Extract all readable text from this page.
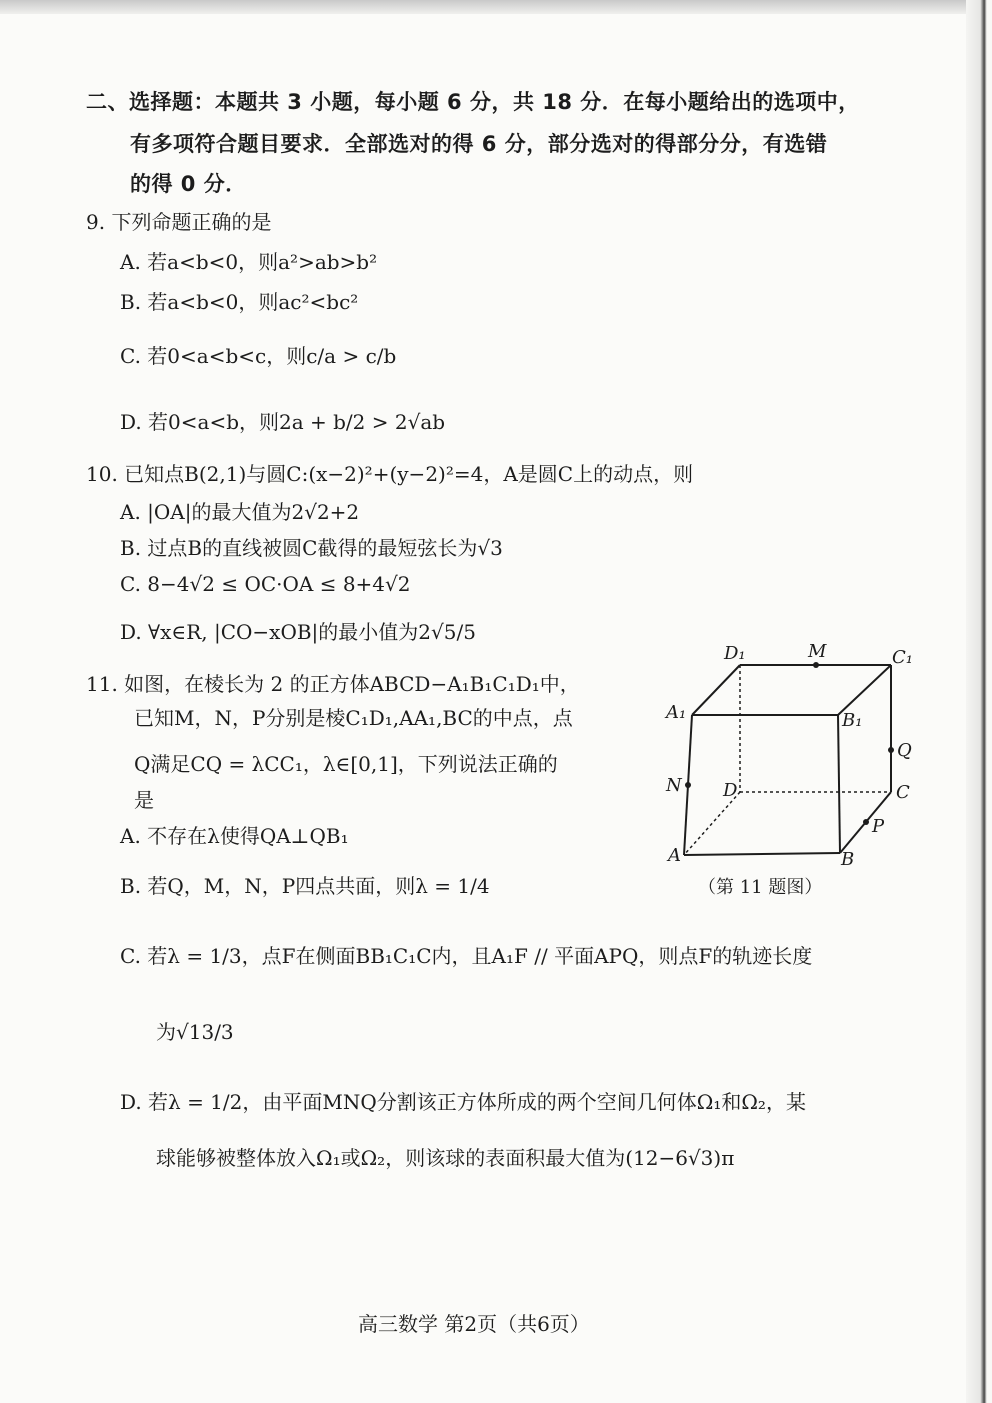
二、选择题：本题共 3 小题，每小题 6 分，共 18 分．在每小题给出的选项中，
有多项符合题目要求．全部选对的得 6 分，部分选对的得部分分，有选错
的得 0 分．
9. 下列命题正确的是
A. 若a<b<0，则a²>ab>b²
B. 若a<b<0，则ac²<bc²
C. 若0<a<b<c，则c/a > c/b
D. 若0<a<b，则2a + b/2 > 2√ab
10. 已知点B(2,1)与圆C:(x−2)²+(y−2)²=4，A是圆C上的动点，则
A. |OA|的最大值为2√2+2
B. 过点B的直线被圆C截得的最短弦长为√3
C. 8−4√2 ≤ OC·OA ≤ 8+4√2
D. ∀x∈R, |CO−xOB|的最小值为2√5/5
11. 如图，在棱长为 2 的正方体ABCD−A₁B₁C₁D₁中，
已知M，N，P分别是棱C₁D₁,AA₁,BC的中点，点
Q满足CQ = λCC₁，λ∈[0,1]，下列说法正确的
是
A. 不存在λ使得QA⊥QB₁
B. 若Q，M，N，P四点共面，则λ = 1/4
C. 若λ = 1/3，点F在侧面BB₁C₁C内，且A₁F // 平面APQ，则点F的轨迹长度
为√13/3
D. 若λ = 1/2，由平面MNQ分割该正方体所成的两个空间几何体Ω₁和Ω₂，某
球能够被整体放入Ω₁或Ω₂，则该球的表面积最大值为(12−6√3)π
D₁	M	C₁
A₁	B₁
Q
N D	C
P
A	B
（第 11 题图）
高三数学 第2页（共6页）
